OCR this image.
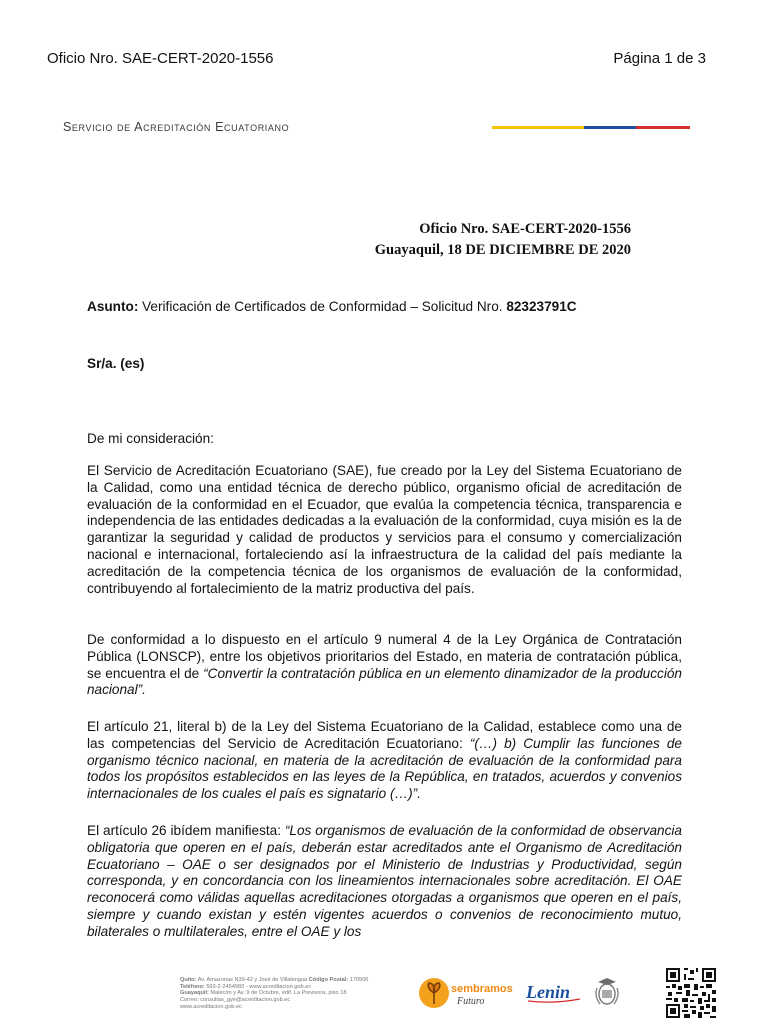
Oficio Nro. SAE-CERT-2020-1556	Página 1 de 3
Servicio de Acreditación Ecuatoriano
Oficio Nro. SAE-CERT-2020-1556
Guayaquil, 18 DE DICIEMBRE DE 2020
Asunto: Verificación de Certificados de Conformidad – Solicitud Nro. 82323791C
Sr/a. (es)
De mi consideración:

El Servicio de Acreditación Ecuatoriano (SAE), fue creado por la Ley del Sistema Ecuatoriano de la Calidad, como una entidad técnica de derecho público, organismo oficial de acreditación de evaluación de la conformidad en el Ecuador, que evalúa la competencia técnica, transparencia e independencia de las entidades dedicadas a la evaluación de la conformidad, cuya misión es la de garantizar la seguridad y calidad de productos y servicios para el consumo y comercialización nacional e internacional, fortaleciendo así la infraestructura de la calidad del país mediante la acreditación de la competencia técnica de los organismos de evaluación de la conformidad, contribuyendo al fortalecimiento de la matriz productiva del país.

De conformidad a lo dispuesto en el artículo 9 numeral 4 de la Ley Orgánica de Contratación Pública (LONSCP), entre los objetivos prioritarios del Estado, en materia de contratación pública, se encuentra el de “Convertir la contratación pública en un elemento dinamizador de la producción nacional”.

El artículo 21, literal b) de la Ley del Sistema Ecuatoriano de la Calidad, establece como una de las competencias del Servicio de Acreditación Ecuatoriano: “(…) b) Cumplir las funciones de organismo técnico nacional, en materia de la acreditación de evaluación de la conformidad para todos los propósitos establecidos en las leyes de la República, en tratados, acuerdos y convenios internacionales de los cuales el país es signatario (…)”.

El artículo 26 ibídem manifiesta: “Los organismos de evaluación de la conformidad de observancia obligatoria que operen en el país, deberán estar acreditados ante el Organismo de Acreditación Ecuatoriano – OAE o ser designados por el Ministerio de Industrias y Productividad, según corresponda, y en concordancia con los lineamientos internacionales sobre acreditación. El OAE reconocerá como válidas aquellas acreditaciones otorgadas a organismos que operen en el país, siempre y cuando existan y estén vigentes acuerdos o convenios de reconocimiento mutuo, bilaterales o multilaterales, entre el OAE y los

Quito: Av. Amazonas N39-42 y José de Villalengua Código Postal: 170506
Teléfono: 593-2-2454983 - www.acreditacion.gob.ec
Guayaquil: Malecón y Av. 9 de Octubre, edif. La Previsora, piso 18
Correo: consultas_gye@acreditacion.gob.ec
www.acreditacion.gob.ec
sembramos
Futuro Lenin
